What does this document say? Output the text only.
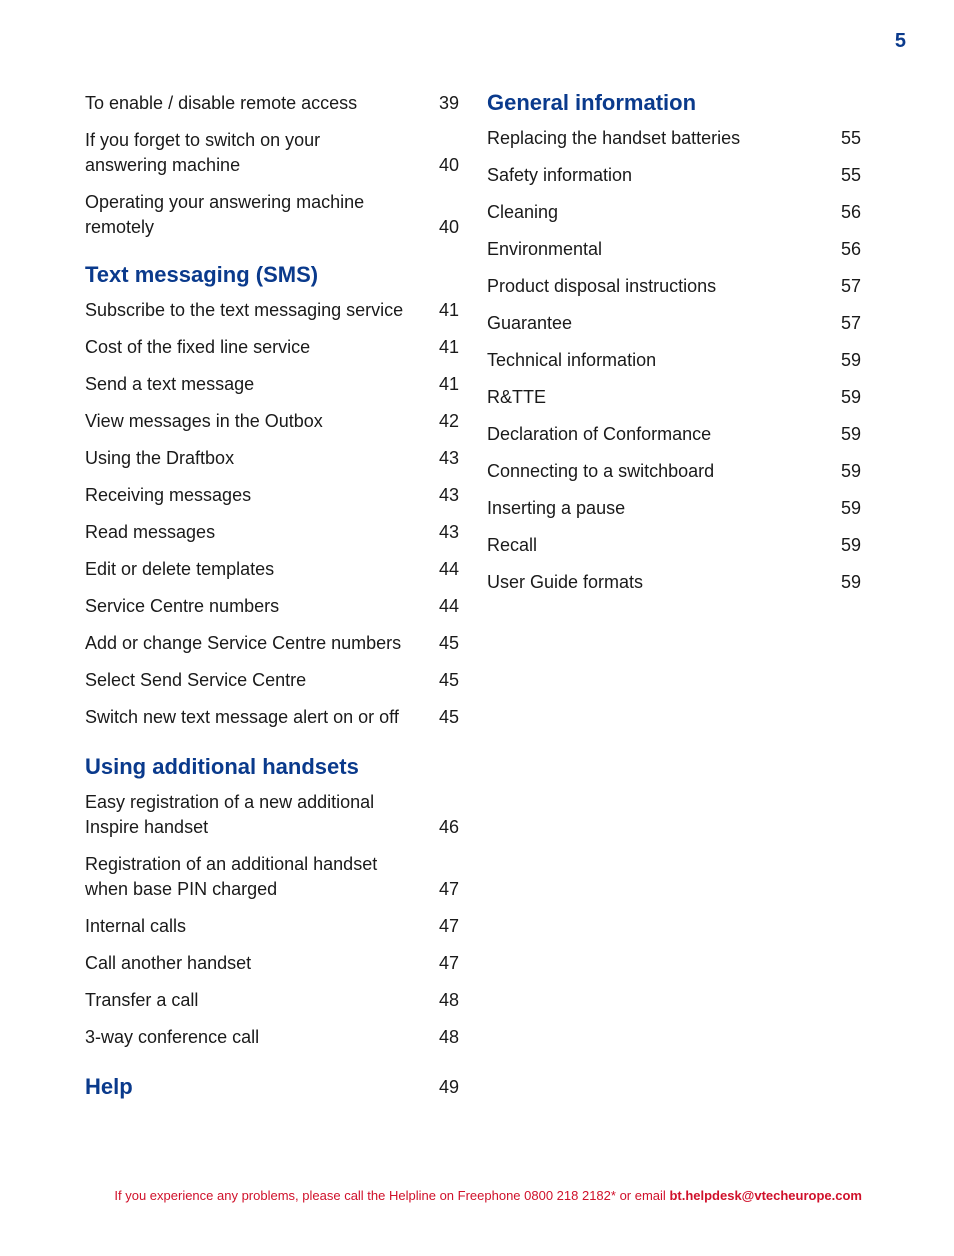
5
To enable / disable remote access	39
If you forget to switch on your
answering machine	40
Operating your answering machine remotely	40
Text messaging (SMS)
Subscribe to the text messaging service	41
Cost of the fixed line service	41
Send a text message	41
View messages in the Outbox	42
Using the Draftbox	43
Receiving messages	43
Read messages	43
Edit or delete templates	44
Service Centre numbers	44
Add or change Service Centre numbers	45
Select Send Service Centre	45
Switch new text message alert on or off	45
Using additional handsets
Easy registration of a new additional
Inspire handset	46
Registration of an additional handset
when base PIN charged	47
Internal calls	47
Call another handset	47
Transfer a call	48
3-way conference call	48
Help	49
General information
Replacing the handset batteries	55
Safety information	55
Cleaning	56
Environmental	56
Product disposal instructions	57
Guarantee	57
Technical information	59
R&TTE	59
Declaration of Conformance	59
Connecting to a switchboard	59
Inserting a pause	59
Recall	59
User Guide formats	59
If you experience any problems, please call the Helpline on Freephone 0800 218 2182* or email bt.helpdesk@vtecheurope.com
